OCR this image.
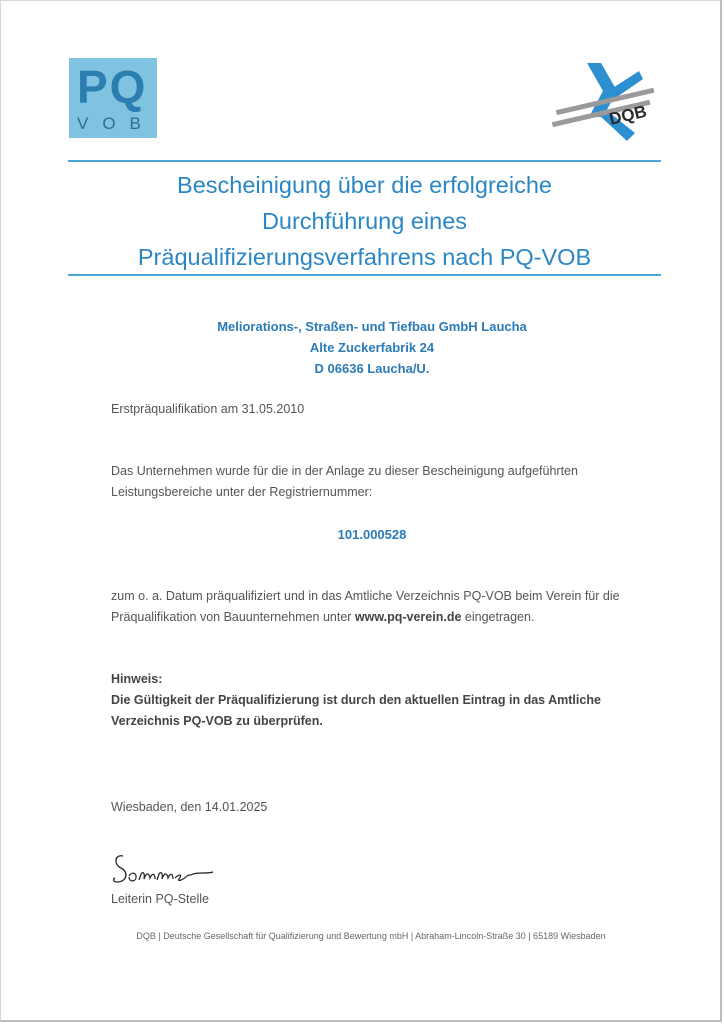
PQ
VOB	DQB
Bescheinigung über die erfolgreiche
Durchführung eines
Präqualifizierungsverfahrens nach PQ-VOB
Meliorations-, Straßen- und Tiefbau GmbH Laucha
Alte Zuckerfabrik 24
D 06636 Laucha/U.
Erstpräqualifikation am 31.05.2010
Das Unternehmen wurde für die in der Anlage zu dieser Bescheinigung aufgeführten
Leistungsbereiche unter der Registriernummer:
101.000528
zum o. a. Datum präqualifiziert und in das Amtliche Verzeichnis PQ-VOB beim Verein für die
Präqualifikation von Bauunternehmen unter www.pq-verein.de eingetragen.
Hinweis:
Die Gültigkeit der Präqualifizierung ist durch den aktuellen Eintrag in das Amtliche
Verzeichnis PQ-VOB zu überprüfen.
Wiesbaden, den 14.01.2025
Leiterin PQ-Stelle
DQB | Deutsche Gesellschaft für Qualifizierung und Bewertung mbH | Abraham-Lincoln-Straße 30 | 65189 Wiesbaden
